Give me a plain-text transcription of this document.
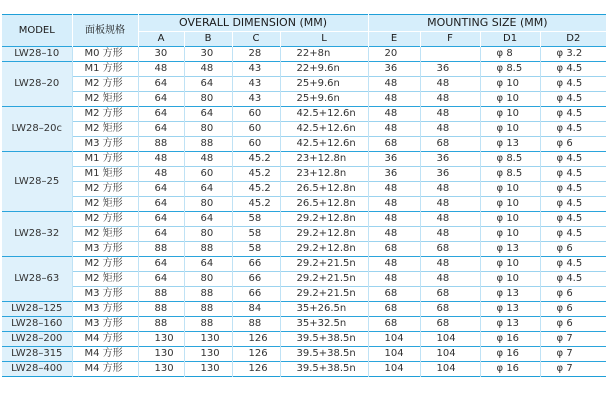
MODEL	面板规格	OVERALL DIMENSION (MM)				MOUNTING SIZE (MM)			
		A	B	C	L	E	F	D1	D2
LW28–10	M0 方形	30	30	28	22+8n	20		φ 8	φ 3.2
LW28–20	M1 方形	48	48	43	22+9.6n	36	36	φ 8.5	φ 4.5
	M2 方形	64	64	43	25+9.6n	48	48	φ 10	φ 4.5
	M2 矩形	64	80	43	25+9.6n	48	48	φ 10	φ 4.5
LW28–20c	M2 方形	64	64	60	42.5+12.6n	48	48	φ 10	φ 4.5
	M2 矩形	64	80	60	42.5+12.6n	48	48	φ 10	φ 4.5
	M3 方形	88	88	60	42.5+12.6n	68	68	φ 13	φ 6
LW28–25	M1 方形	48	48	45.2	23+12.8n	36	36	φ 8.5	φ 4.5
	M1 矩形	48	60	45.2	23+12.8n	36	36	φ 8.5	φ 4.5
	M2 方形	64	64	45.2	26.5+12.8n	48	48	φ 10	φ 4.5
	M2 矩形	64	80	45.2	26.5+12.8n	48	48	φ 10	φ 4.5
LW28–32	M2 方形	64	64	58	29.2+12.8n	48	48	φ 10	φ 4.5
	M2 矩形	64	80	58	29.2+12.8n	48	48	φ 10	φ 4.5
	M3 方形	88	88	58	29.2+12.8n	68	68	φ 13	φ 6
LW28–63	M2 方形	64	64	66	29.2+21.5n	48	48	φ 10	φ 4.5
	M2 矩形	64	80	66	29.2+21.5n	48	48	φ 10	φ 4.5
	M3 方形	88	88	66	29.2+21.5n	68	68	φ 13	φ 6
LW28–125	M3 方形	88	88	84	35+26.5n	68	68	φ 13	φ 6
LW28–160	M3 方形	88	88	88	35+32.5n	68	68	φ 13	φ 6
LW28–200	M4 方形	130	130	126	39.5+38.5n	104	104	φ 16	φ 7
LW28–315	M4 方形	130	130	126	39.5+38.5n	104	104	φ 16	φ 7
LW28–400	M4 方形	130	130	126	39.5+38.5n	104	104	φ 16	φ 7
